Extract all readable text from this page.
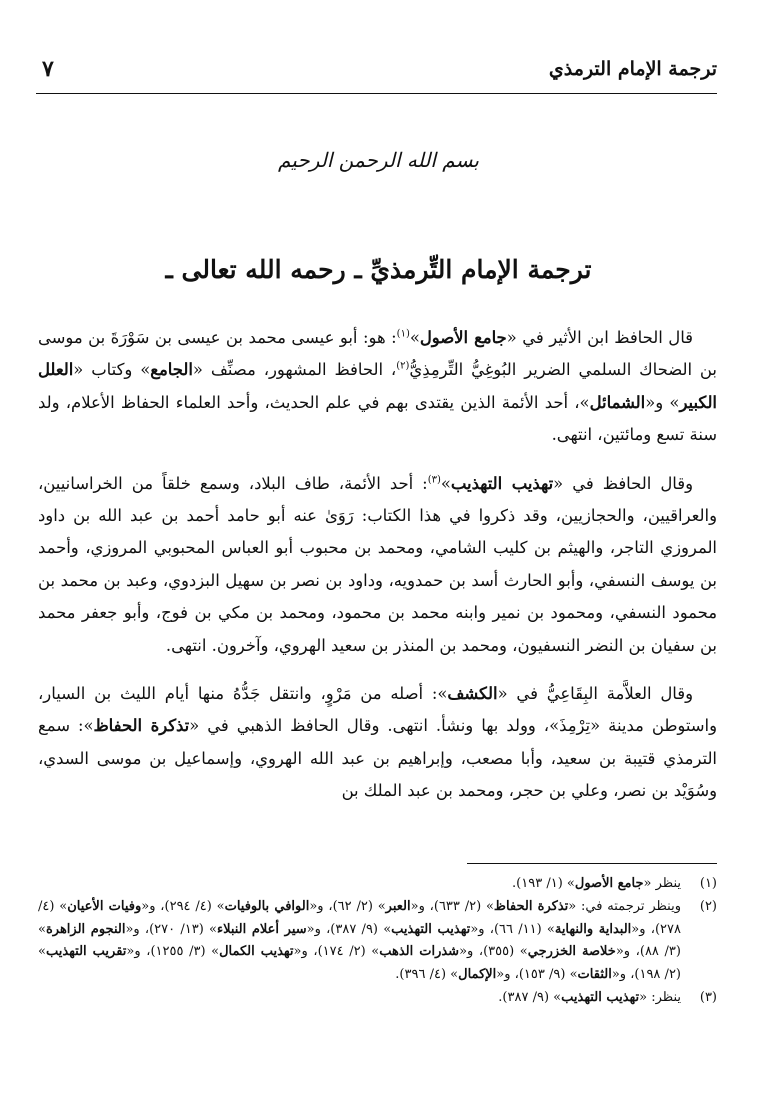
ترجمة الإمام الترمذي
٧
بسم الله الرحمن الرحيم
ترجمة الإمام التِّرمذيِّ ـ رحمه الله تعالى ـ

قال الحافظ ابن الأثير في «جامع الأصول»$^{(١)}$: هو: أبو عيسى محمد بن عيسى بن سَوْرَةَ بن موسى بن الضحاك السلمي الضرير البُوغِيُّ التِّرمِذِيُّ$^{(٢)}$، الحافظ المشهور، مصنِّف «الجامع» وكتاب «العلل الكبير» و«الشمائل»، أحد الأئمة الذين يقتدى بهم في علم الحديث، وأحد العلماء الحفاظ الأعلام، ولد سنة تسع ومائتين، انتهى.

وقال الحافظ في «تهذيب التهذيب»$^{(٣)}$: أحد الأئمة، طاف البلاد، وسمع خلقاً من الخراسانيين، والعراقيين، والحجازيين، وقد ذكروا في هذا الكتاب: رَوَىٰ عنه أبو حامد أحمد بن عبد الله بن داود المروزي التاجر، والهيثم بن كليب الشامي، ومحمد بن محبوب أبو العباس المحبوبي المروزي، وأحمد بن يوسف النسفي، وأبو الحارث أسد بن حمدويه، وداود بن نصر بن سهيل البزدوي، وعبد بن محمد بن محمود النسفي، ومحمود بن نمير وابنه محمد بن محمود، ومحمد بن مكي بن فوج، وأبو جعفر محمد بن سفيان بن النضر النسفيون، ومحمد بن المنذر بن سعيد الهروي، وآخرون. انتهى.

وقال العلاَّمة البِقَاعِيُّ في «الكشف»: أصله من مَرْوٍ، وانتقل جَدُّهُ منها أيام الليث بن السيار، واستوطن مدينة «تِرْمِذَ»، وولد بها ونشأ. انتهى. وقال الحافظ الذهبي في «تذكرة الحفاظ»: سمع الترمذي قتيبة بن سعيد، وأبا مصعب، وإبراهيم بن عبد الله الهروي، وإسماعيل بن موسى السدي، وسُوَيْد بن نصر، وعلي بن حجر، ومحمد بن عبد الملك بن

(١)
ينظر «جامع الأصول» (١/ ١٩٣).
(٢)
وينظر ترجمته في: «تذكرة الحفاظ» (٢/ ٦٣٣)، و«العبر» (٢/ ٦٢)، و«الوافي بالوفيات» (٤/ ٢٩٤)، و«وفيات الأعيان» (٤/ ٢٧٨)، و«البداية والنهاية» (١١/ ٦٦)، و«تهذيب التهذيب» (٩/ ٣٨٧)، و«سير أعلام النبلاء» (١٣/ ٢٧٠)، و«النجوم الزاهرة» (٣/ ٨٨)، و«خلاصة الخزرجي» (٣٥٥)، و«شذرات الذهب» (٢/ ١٧٤)، و«تهذيب الكمال» (٣/ ١٢٥٥)، و«تقريب التهذيب» (٢/ ١٩٨)، و«الثقات» (٩/ ١٥٣)، و«الإكمال» (٤/ ٣٩٦).
(٣)
ينظر: «تهذيب التهذيب» (٩/ ٣٨٧).
